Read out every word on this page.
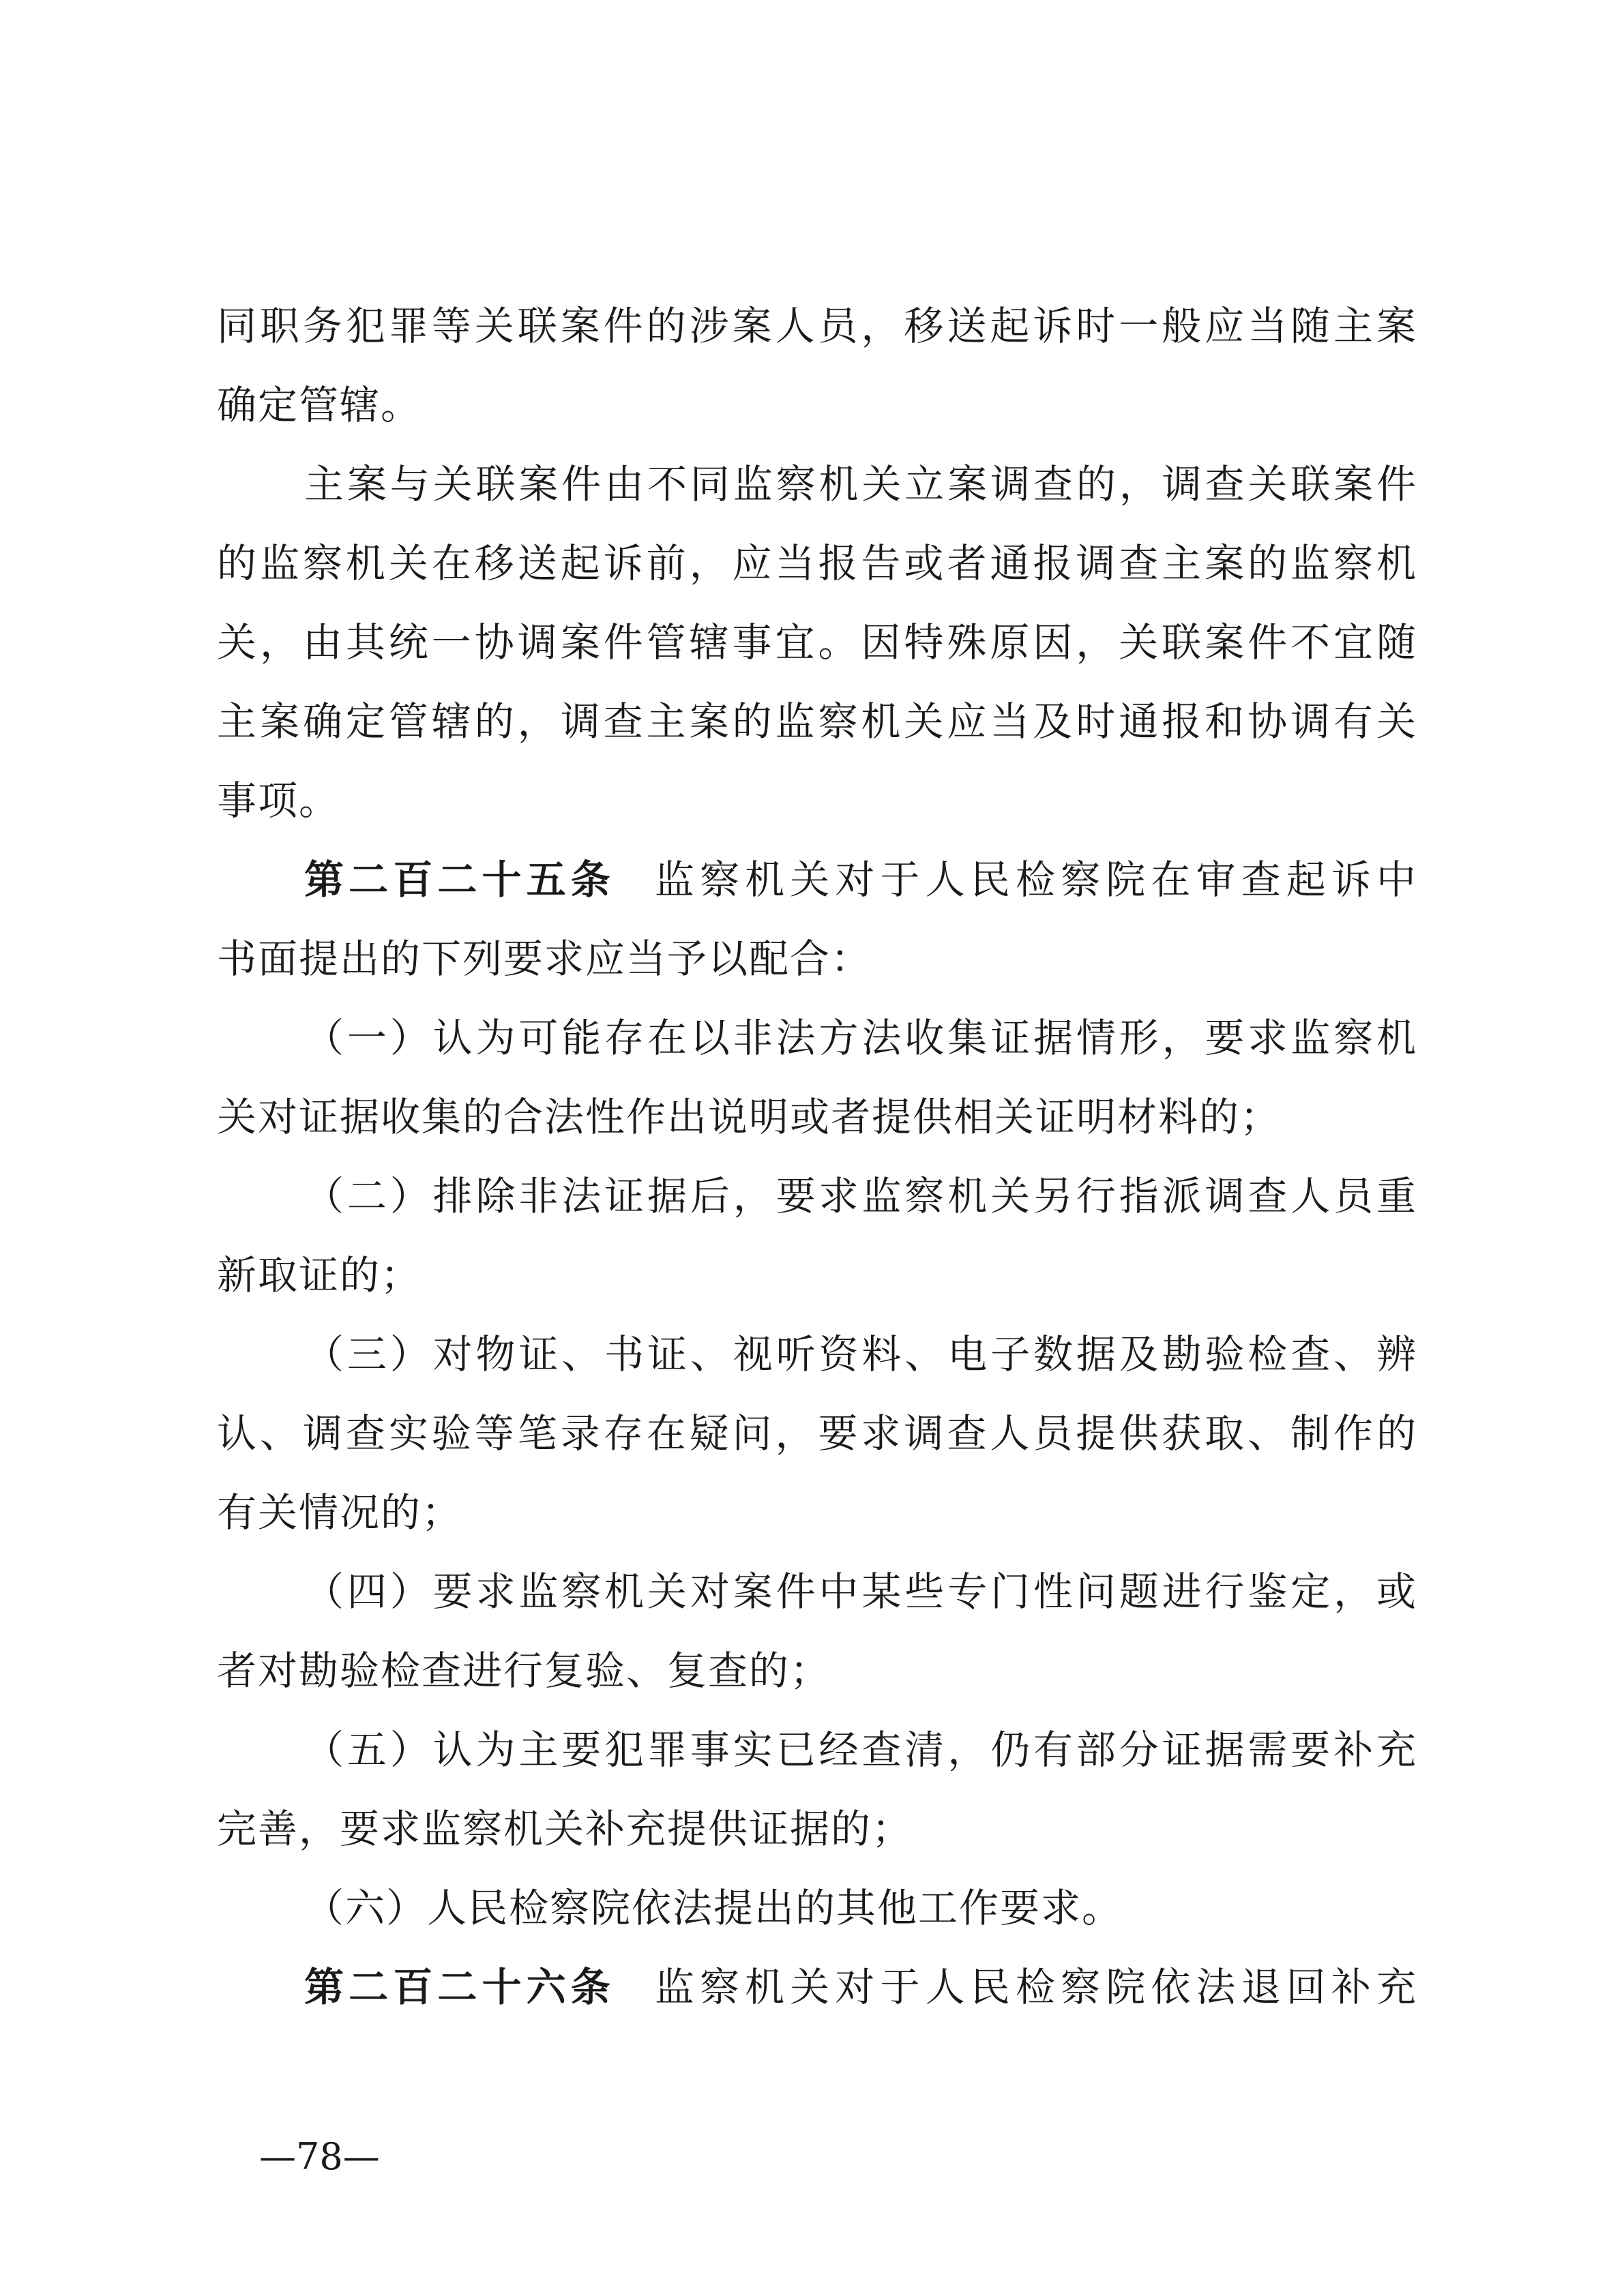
同职务犯罪等关联案件的涉案人员，移送起诉时一般应当随主案
确定管辖。
主案与关联案件由不同监察机关立案调查的，调查关联案件
的监察机关在移送起诉前，应当报告或者通报调查主案的监察机
关，由其统一协调案件管辖事宜。因特殊原因，关联案件不宜随
主案确定管辖的，调查主案的监察机关应当及时通报和协调有关
事项。
第二百二十五条 监察机关对于人民检察院在审查起诉中
书面提出的下列要求应当予以配合：
（一）认为可能存在以非法方法收集证据情形，要求监察机
关对证据收集的合法性作出说明或者提供相关证明材料的；
（二）排除非法证据后，要求监察机关另行指派调查人员重
新取证的；
（三）对物证、书证、视听资料、电子数据及勘验检查、辨
认、调查实验等笔录存在疑问，要求调查人员提供获取、制作的
有关情况的；
（四）要求监察机关对案件中某些专门性问题进行鉴定，或
者对勘验检查进行复验、复查的；
（五）认为主要犯罪事实已经查清，仍有部分证据需要补充
完善，要求监察机关补充提供证据的；
（六）人民检察院依法提出的其他工作要求。
第二百二十六条 监察机关对于人民检察院依法退回补充
—78—
